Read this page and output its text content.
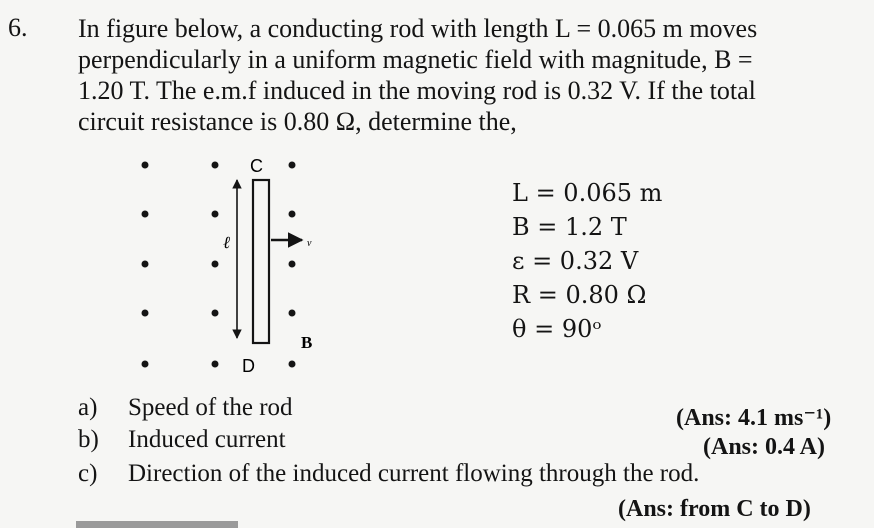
6. In figure below, a conducting rod with length L = 0.065 m moves
perpendicularly in a uniform magnetic field with magnitude, B =
1.20 T. The e.m.f induced in the moving rod is 0.32 V. If the total
circuit resistance is 0.80 Ω, determine the,
C
D
B
ℓ	v
L = 0.065 m
B = 1.2 T
ε = 0.32 V
R = 0.80 Ω
θ = 90ᵒ
a) Speed of the rod	(Ans: 4.1 ms⁻¹)
b) Induced current	(Ans: 0.4 A)
c) Direction of the induced current flowing through the rod.
(Ans: from C to D)
